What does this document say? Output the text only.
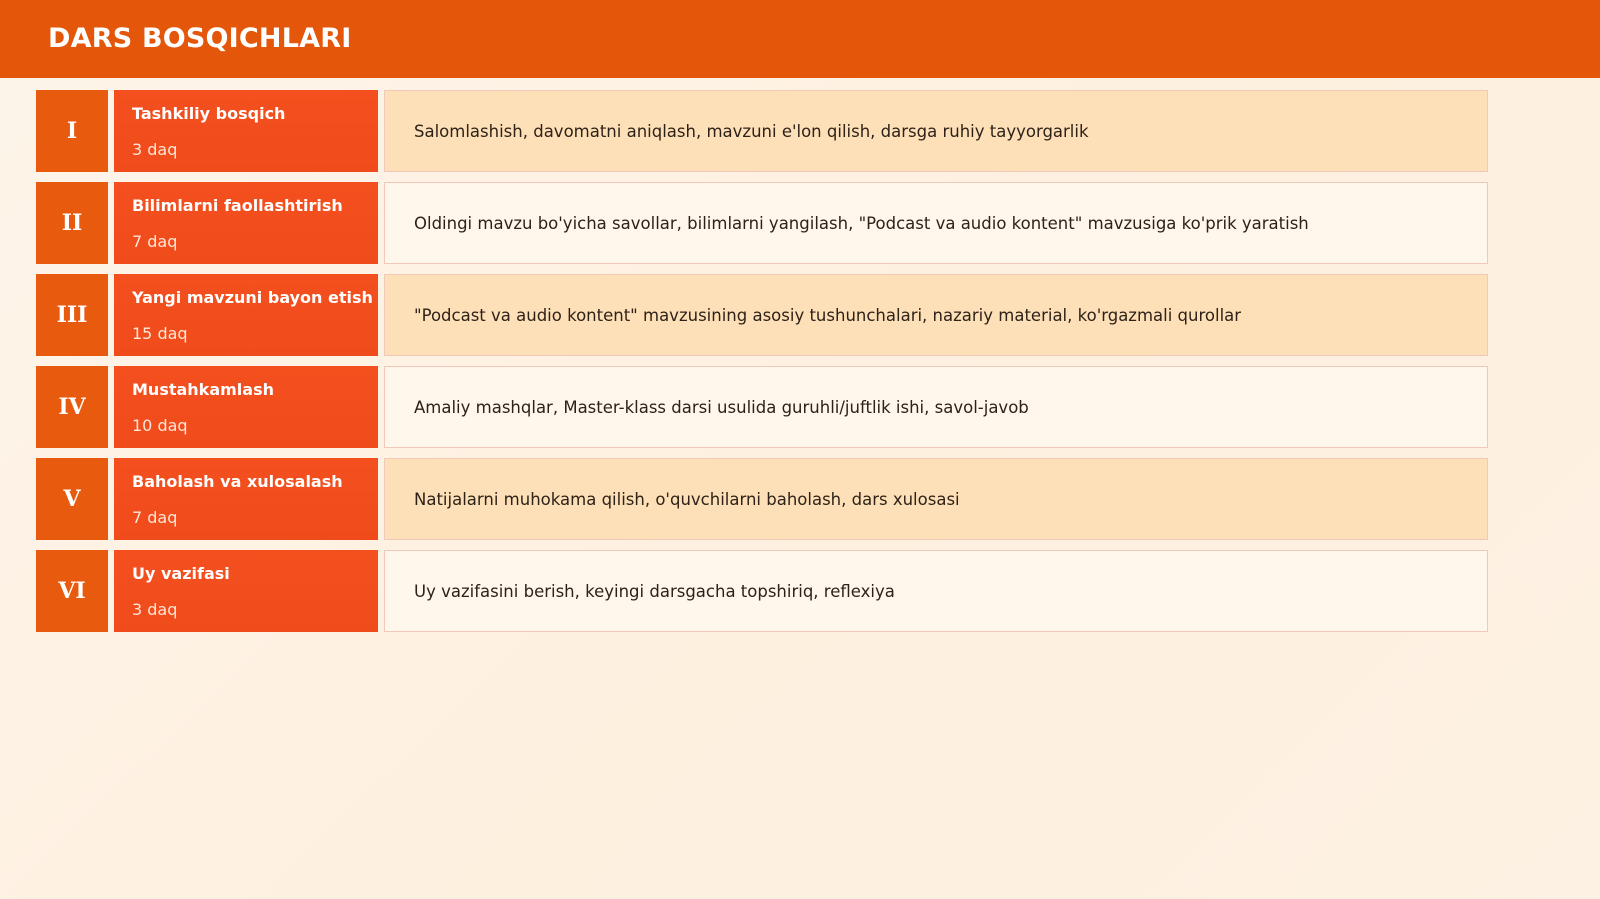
DARS BOSQICHLARI
I
Tashkiliy bosqich
3 daq
Salomlashish, davomatni aniqlash, mavzuni e'lon qilish, darsga ruhiy tayyorgarlik
II
Bilimlarni faollashtirish
7 daq
Oldingi mavzu bo'yicha savollar, bilimlarni yangilash, "Podcast va audio kontent" mavzusiga ko'prik yaratish
III
Yangi mavzuni bayon etish
15 daq
"Podcast va audio kontent" mavzusining asosiy tushunchalari, nazariy material, ko'rgazmali qurollar
IV
Mustahkamlash
10 daq
Amaliy mashqlar, Master-klass darsi usulida guruhli/juftlik ishi, savol-javob
V
Baholash va xulosalash
7 daq
Natijalarni muhokama qilish, o'quvchilarni baholash, dars xulosasi
VI
Uy vazifasi
3 daq
Uy vazifasini berish, keyingi darsgacha topshiriq, reflexiya
